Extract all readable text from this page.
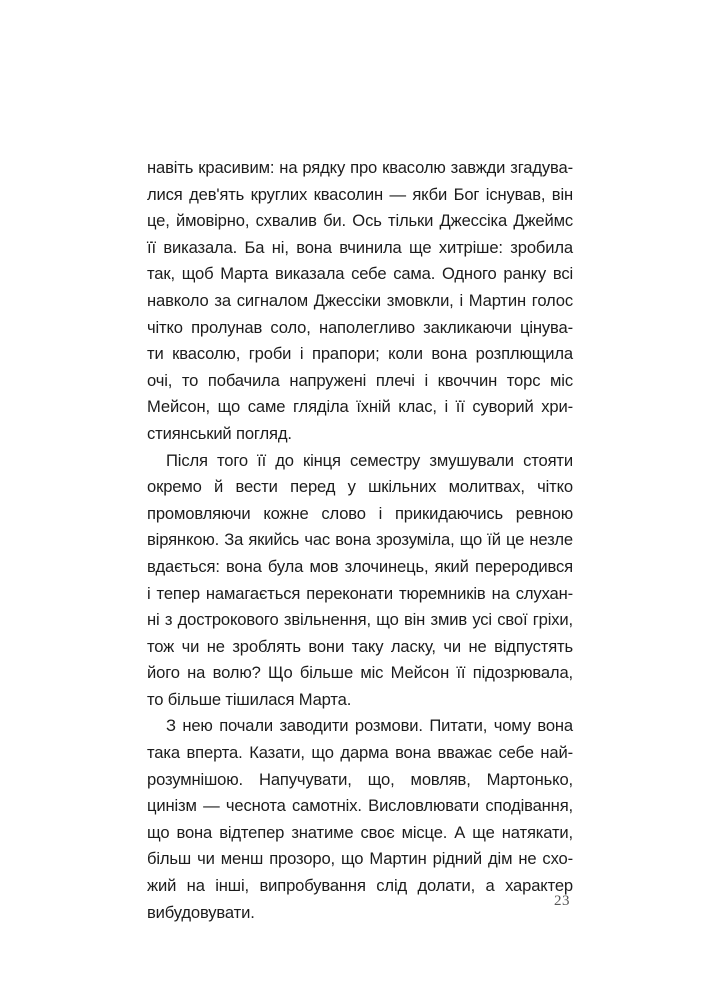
навіть красивим: на рядку про квасолю завжди згадува-
лися дев'ять круглих квасолин — якби Бог існував, він
це, ймовірно, схвалив би. Ось тільки Джессіка Джеймс
її виказала. Ба ні, вона вчинила ще хитріше: зробила
так, щоб Марта виказала себе сама. Одного ранку всі
навколо за сигналом Джессіки змовкли, і Мартин голос
чітко пролунав соло, наполегливо закликаючи цінува-
ти квасолю, гроби і прапори; коли вона розплющила
очі, то побачила напружені плечі і квоччин торс міс
Мейсон, що саме глядiла їхній клас, і її суворий хри-
стиянський погляд.
Після того її до кінця семестру змушували стояти
окремо й вести перед у шкільних молитвах, чітко
промовляючи кожне слово і прикидаючись ревною
вірянкою. За якийсь час вона зрозуміла, що їй це незле
вдається: вона була мов злочинець, який переродився
і тепер намагається переконати тюремників на слухан-
ні з дострокового звільнення, що він змив усі свої гріхи,
тож чи не зроблять вони таку ласку, чи не відпустять
його на волю? Що більше міс Мейсон її підозрювала,
то більше тішилася Марта.
З нею почали заводити розмови. Питати, чому вона
така вперта. Казати, що дарма вона вважає себе най-
розумнішою. Напучувати, що, мовляв, Мартонько,
цинізм — чеснота самотніх. Висловлювати сподівання,
що вона відтепер знатиме своє місце. А ще натякати,
більш чи менш прозоро, що Мартин рідний дім не схо-
жий на інші, випробування слід долати, а характер
вибудовувати.
23
